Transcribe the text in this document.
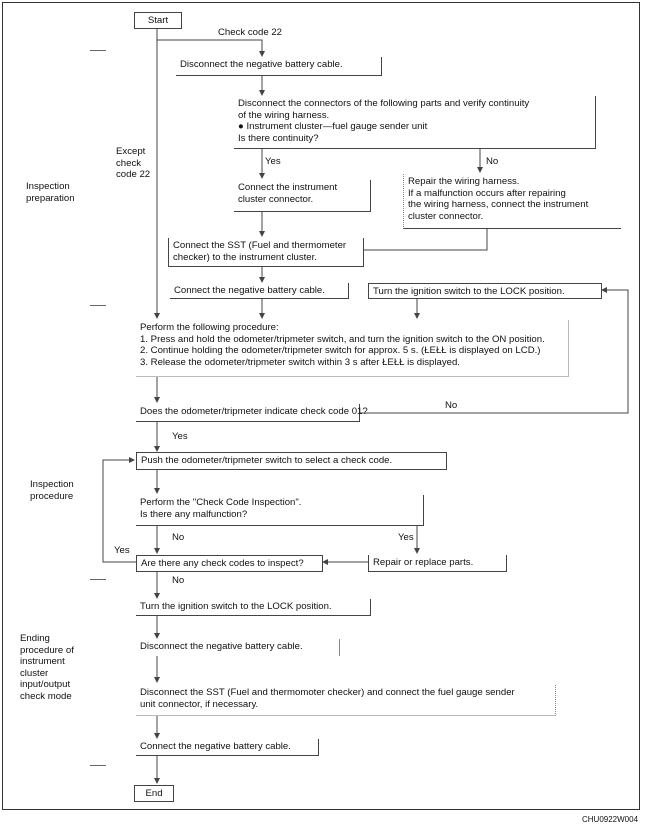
Inspection
preparation
Inspection
procedure
Ending
procedure of
instrument
cluster
input/output
check mode
Start
Check code 22
Except
check
code 22
Yes	No
No
Yes
No	Yes
Yes
No
Disconnect the negative battery cable.
Disconnect the connectors of the following parts and verify continuity
of the wiring harness.
● Instrument cluster—fuel gauge sender unit
Is there continuity?
Connect the instrument
cluster connector.
Repair the wiring harness.
If a malfunction occurs after repairing
the wiring harness, connect the instrument
cluster connector.
Connect the SST (Fuel and thermometer
checker) to the instrument cluster.
Connect the negative battery cable.	Turn the ignition switch to the LOCK position.
Perform the following procedure:
1. Press and hold the odometer/tripmeter switch, and turn the ignition switch to the ON position.
2. Continue holding the odometer/tripmeter switch for approx. 5 s. (ŁEŁŁ is displayed on LCD.)
3. Release the odometer/tripmeter switch within 3 s after ŁEŁŁ is displayed.
Does the odometer/tripmeter indicate check code 01?
Push the odometer/tripmeter switch to select a check code.
Perform the "Check Code Inspection".
Is there any malfunction?
Are there any check codes to inspect?	Repair or replace parts.
Turn the ignition switch to the LOCK position.
Disconnect the negative battery cable.
Disconnect the SST (Fuel and thermomoter checker) and connect the fuel gauge sender
unit connector, if necessary.
Connect the negative battery cable.
End
CHU0922W004
